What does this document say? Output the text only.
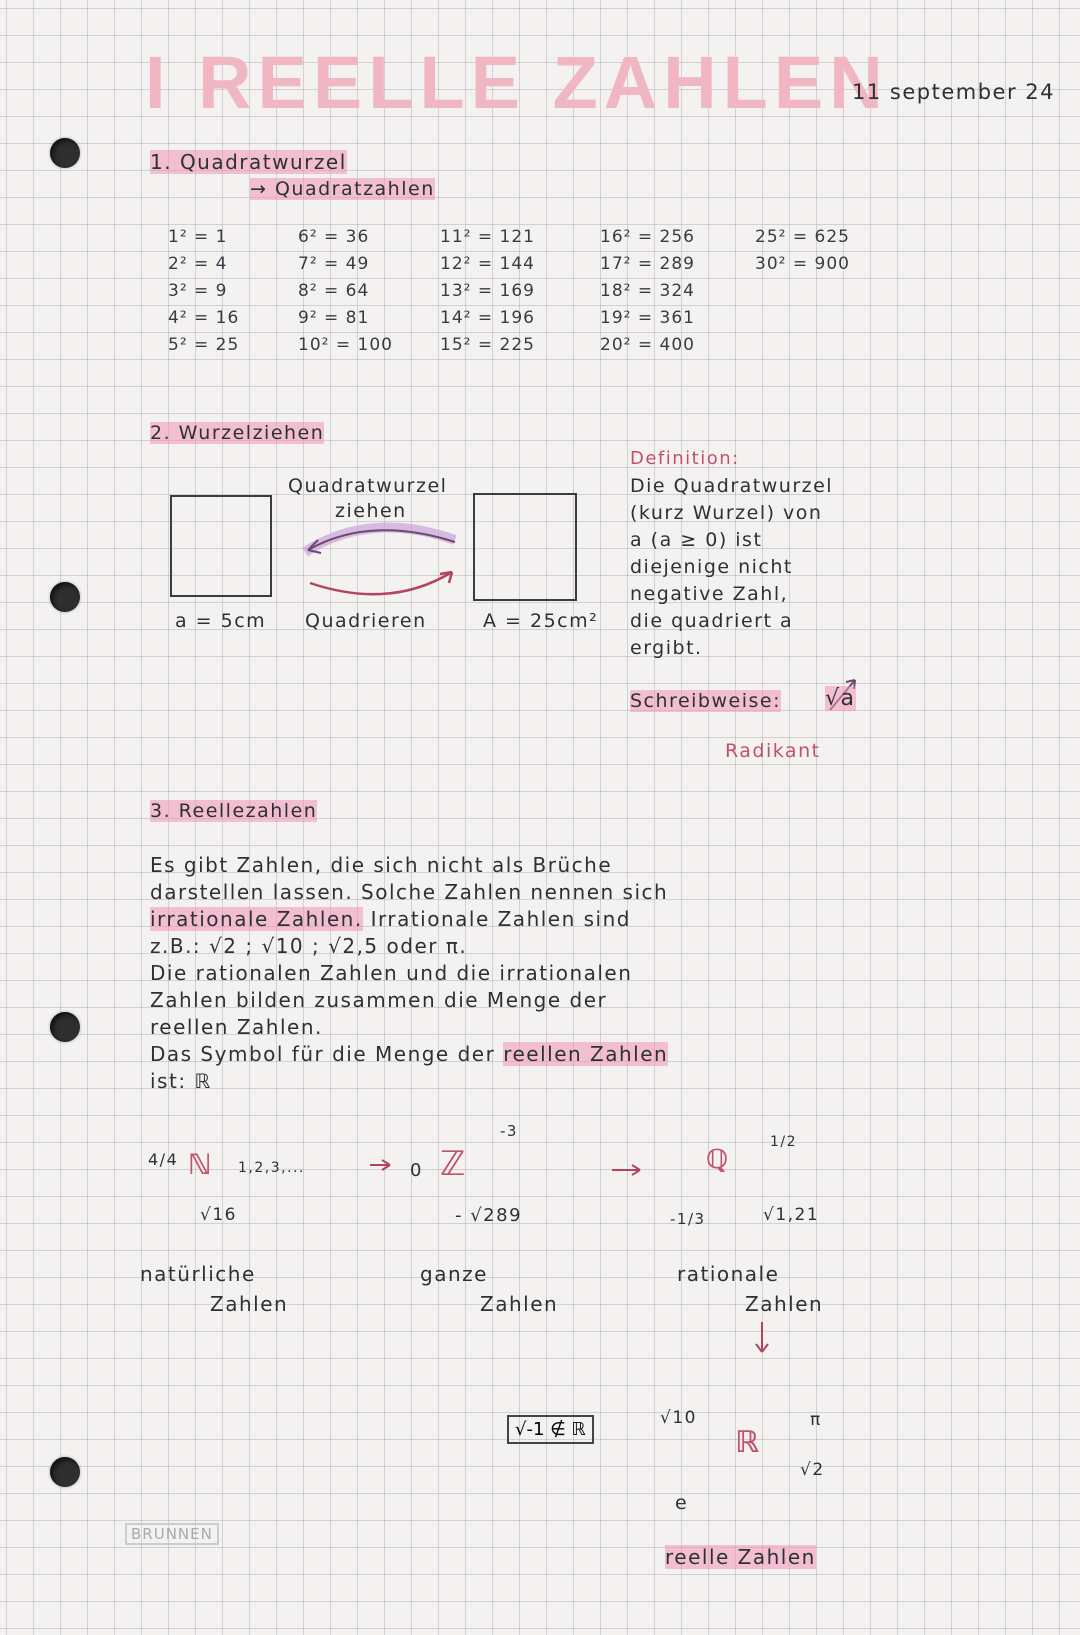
I REELLE ZAHLEN
11 september 24
1. Quadratwurzel
→ Quadratzahlen
1² = 1
2² = 4
3² = 9
4² = 16
5² = 25
6² = 36
7² = 49
8² = 64
9² = 81
10² = 100
11² = 121
12² = 144
13² = 169
14² = 196
15² = 225
16² = 256
17² = 289
18² = 324
19² = 361
20² = 400
25² = 625
30² = 900
2. Wurzelziehen
Quadratwurzel
ziehen
a = 5cm Quadrieren	A = 25cm²
Definition:
Die Quadratwurzel
(kurz Wurzel) von
a (a ≥ 0) ist
diejenige nicht
negative Zahl,
die quadriert a
ergibt.
Schreibweise: √a
Radikant
3. Reellezahlen
Es gibt Zahlen, die sich nicht als Brüche
darstellen lassen. Solche Zahlen nennen sich
irrationale Zahlen. Irrationale Zahlen sind
z.B.: √2 ; √10 ; √2,5 oder π.
Die rationalen Zahlen und die irrationalen
Zahlen bilden zusammen die Menge der
reellen Zahlen.
Das Symbol für die Menge der reellen Zahlen
ist: ℝ
4/4 ℕ 1,2,3,...
√16
natürliche
Zahlen
0 ℤ
-3
- √289
ganze
Zahlen
ℚ
1/2
-1/3	√1,21
rationale
Zahlen
√-1 ∉ ℝ
√10
ℝ
π
√2
e
reelle Zahlen
BRUNNEN
